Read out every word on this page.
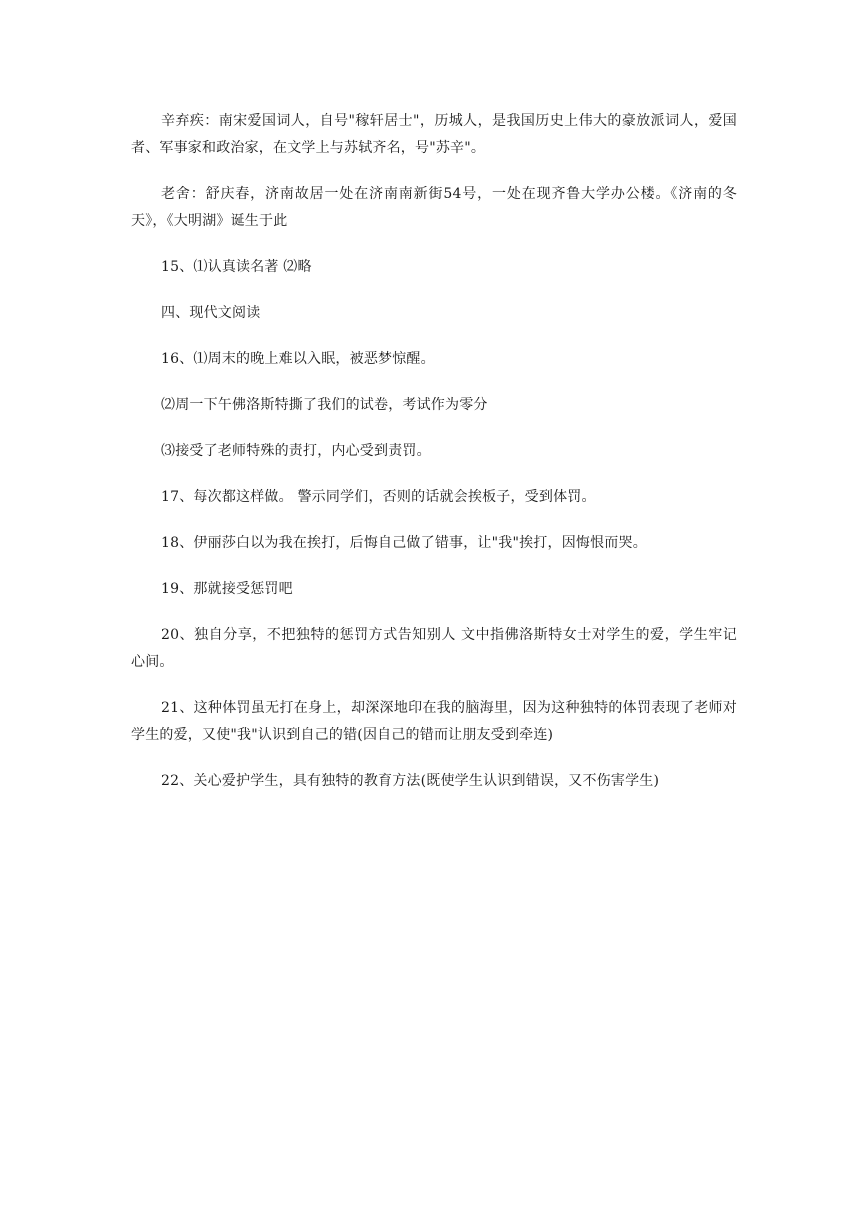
辛弃疾：南宋爱国词人，自号"稼轩居士"，历城人，是我国历史上伟大的豪放派词人，爱国者、军事家和政治家，在文学上与苏轼齐名，号"苏辛"。

老舍：舒庆春，济南故居一处在济南南新街54号，一处在现齐鲁大学办公楼。《济南的冬天》，《大明湖》诞生于此

15、⑴认真读名著 ⑵略

四、现代文阅读

16、⑴周末的晚上难以入眠，被恶梦惊醒。

⑵周一下午佛洛斯特撕了我们的试卷，考试作为零分

⑶接受了老师特殊的责打，内心受到责罚。

17、每次都这样做。 警示同学们，否则的话就会挨板子，受到体罚。

18、伊丽莎白以为我在挨打，后悔自己做了错事，让"我"挨打，因悔恨而哭。

19、那就接受惩罚吧

20、独自分享，不把独特的惩罚方式告知别人 文中指佛洛斯特女士对学生的爱，学生牢记心间。

21、这种体罚虽无打在身上，却深深地印在我的脑海里，因为这种独特的体罚表现了老师对学生的爱，又使"我"认识到自己的错(因自己的错而让朋友受到牵连)

22、关心爱护学生，具有独特的教育方法(既使学生认识到错误，又不伤害学生)
